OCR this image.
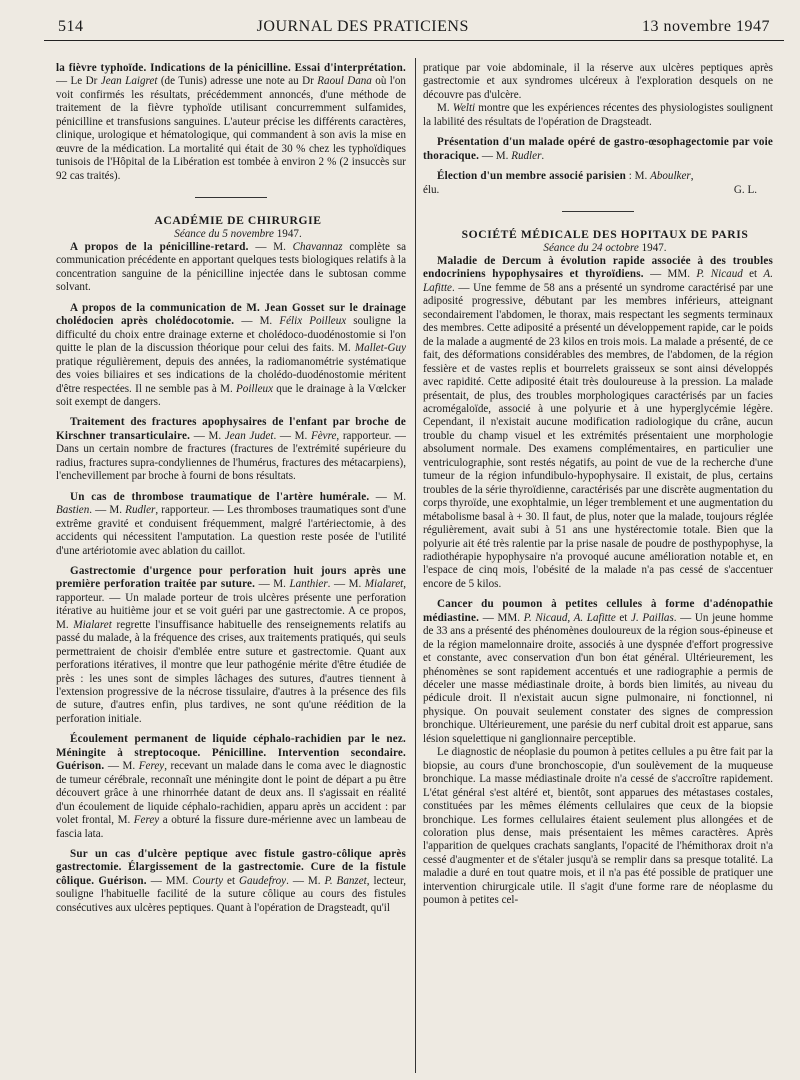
514	JOURNAL DES PRATICIENS	13 novembre 1947

la fièvre typhoïde. Indications de la pénicilline. Essai d'interprétation. — Le Dr Jean Laigret (de Tunis) adresse une note au Dr Raoul Dana où l'on voit confirmés les résultats, précédemment annoncés, d'une méthode de traitement de la fièvre typhoïde utilisant concurremment sulfamides, pénicilline et transfusions sanguines. L'auteur précise les différents caractères, clinique, urologique et hématologique, qui commandent à son avis la mise en œuvre de la médication. La mortalité qui était de 30 % chez les typhoïdiques tunisois de l'Hôpital de la Libération est tombée à environ 2 % (2 insuccès sur 92 cas traités).

ACADÉMIE DE CHIRURGIE

Séance du 5 novembre 1947.

A propos de la pénicilline-retard. — M. Chavannaz complète sa communication précédente en apportant quelques tests biologiques relatifs à la concentration sanguine de la pénicilline injectée dans le subtosan comme solvant.

A propos de la communication de M. Jean Gosset sur le drainage cholédocien après cholédocotomie. — M. Félix Poilleux souligne la difficulté du choix entre drainage externe et cholédoco-duodénostomie si l'on quitte le plan de la discussion théorique pour celui des faits. M. Mallet-Guy pratique régulièrement, depuis des années, la radiomanométrie systématique des voies biliaires et ses indications de la cholédo-duodénostomie méritent d'être respectées. Il ne semble pas à M. Poilleux que le drainage à la Vœlcker soit exempt de dangers.

Traitement des fractures apophysaires de l'enfant par broche de Kirschner transarticulaire. — M. Jean Judet. — M. Fèvre, rapporteur. — Dans un certain nombre de fractures (fractures de l'extrémité supérieure du radius, fractures supra-condyliennes de l'humérus, fractures des métacarpiens), l'enchevillement par broche à fourni de bons résultats.

Un cas de thrombose traumatique de l'artère humérale. — M. Bastien. — M. Rudler, rapporteur. — Les thromboses traumatiques sont d'une extrême gravité et conduisent fréquemment, malgré l'artériectomie, à des accidents qui nécessitent l'amputation. La question reste posée de l'utilité d'une artériotomie avec ablation du caillot.

Gastrectomie d'urgence pour perforation huit jours après une première perforation traitée par suture. — M. Lanthier. — M. Mialaret, rapporteur. — Un malade porteur de trois ulcères présente une perforation itérative au huitième jour et se voit guéri par une gastrectomie. A ce propos, M. Mialaret regrette l'insuffisance habituelle des renseignements relatifs au passé du malade, à la fréquence des crises, aux traitements pratiqués, qui seuls permettraient de choisir d'emblée entre suture et gastrectomie. Quant aux perforations itératives, il montre que leur pathogénie mérite d'être étudiée de près : les unes sont de simples lâchages des sutures, d'autres tiennent à l'extension progressive de la nécrose tissulaire, d'autres à la présence des fils de suture, d'autres enfin, plus tardives, ne sont qu'une réédition de la perforation initiale.

Écoulement permanent de liquide céphalo-rachidien par le nez. Méningite à streptocoque. Pénicilline. Intervention secondaire. Guérison. — M. Ferey, recevant un malade dans le coma avec le diagnostic de tumeur cérébrale, reconnaît une méningite dont le point de départ a pu être découvert grâce à une rhinorrhée datant de deux ans. Il s'agissait en réalité d'un écoulement de liquide céphalo-rachidien, apparu après un accident : par volet frontal, M. Ferey a obturé la fissure dure-mérienne avec un lambeau de fascia lata.

Sur un cas d'ulcère peptique avec fistule gastro-côlique après gastrectomie. Élargissement de la gastrectomie. Cure de la fistule côlique. Guérison. — MM. Courty et Gaudefroy. — M. P. Banzet, lecteur, souligne l'habituelle facilité de la suture côlique au cours des fistules consécutives aux ulcères peptiques. Quant à l'opération de Dragsteadt, qu'il

pratique par voie abdominale, il la réserve aux ulcères peptiques après gastrectomie et aux syndromes ulcéreux à l'exploration desquels on ne découvre pas d'ulcère.

M. Welti montre que les expériences récentes des physiologistes soulignent la labilité des résultats de l'opération de Dragsteadt.

Présentation d'un malade opéré de gastro-œsophagectomie par voie thoracique. — M. Rudler.

Élection d'un membre associé parisien : M. Aboulker,

élu.	G. L.

SOCIÉTÉ MÉDICALE DES HOPITAUX DE PARIS

Séance du 24 octobre 1947.

Maladie de Dercum à évolution rapide associée à des troubles endocriniens hypophysaires et thyroïdiens. — MM. P. Nicaud et A. Lafitte. — Une femme de 58 ans a présenté un syndrome caractérisé par une adiposité progressive, débutant par les membres inférieurs, atteignant secondairement l'abdomen, le thorax, mais respectant les segments terminaux des membres. Cette adiposité a présenté un développement rapide, car le poids de la malade a augmenté de 23 kilos en trois mois. La malade a présenté, de ce fait, des déformations considérables des membres, de l'abdomen, de la région fessière et de vastes replis et bourrelets graisseux se sont ainsi développés avec rapidité. Cette adiposité était très douloureuse à la pression. La malade présentait, de plus, des troubles morphologiques caractérisés par un facies acromégaloïde, associé à une polyurie et à une hyperglycémie légère. Cependant, il n'existait aucune modification radiologique du crâne, aucun trouble du champ visuel et les extrémités présentaient une morphologie absolument normale. Des examens complémentaires, en particulier une ventriculographie, sont restés négatifs, au point de vue de la recherche d'une tumeur de la région infundibulo-hypophysaire. Il existait, de plus, certains troubles de la série thyroïdienne, caractérisés par une discrète augmentation du corps thyroïde, une exophtalmie, un léger tremblement et une augmentation du métabolisme basal à + 30. Il faut, de plus, noter que la malade, toujours réglée régulièrement, avait subi à 51 ans une hystérectomie totale. Bien que la polyurie ait été très ralentie par la prise nasale de poudre de posthypophyse, la radiothérapie hypophysaire n'a provoqué aucune amélioration notable et, en l'espace de cinq mois, l'obésité de la malade n'a pas cessé de s'accentuer encore de 5 kilos.

Cancer du poumon à petites cellules à forme d'adénopathie médiastine. — MM. P. Nicaud, A. Lafitte et J. Paillas. — Un jeune homme de 33 ans a présenté des phénomènes douloureux de la région sous-épineuse et de la région mamelonnaire droite, associés à une dyspnée d'effort progressive et constante, avec conservation d'un bon état général. Ultérieurement, les phénomènes se sont rapidement accentués et une radiographie a permis de déceler une masse médiastinale droite, à bords bien limités, au niveau du pédicule droit. Il n'existait aucun signe pulmonaire, ni fonctionnel, ni physique. On pouvait seulement constater des signes de compression bronchique. Ultérieurement, une parésie du nerf cubital droit est apparue, sans lésion squelettique ni ganglionnaire perceptible.

Le diagnostic de néoplasie du poumon à petites cellules a pu être fait par la biopsie, au cours d'une bronchoscopie, d'un soulèvement de la muqueuse bronchique. La masse médiastinale droite n'a cessé de s'accroître rapidement. L'état général s'est altéré et, bientôt, sont apparues des métastases costales, constituées par les mêmes éléments cellulaires que ceux de la biopsie bronchique. Les formes cellulaires étaient seulement plus allongées et de coloration plus dense, mais présentaient les mêmes caractères. Après l'apparition de quelques crachats sanglants, l'opacité de l'hémithorax droit n'a cessé d'augmenter et de s'étaler jusqu'à se remplir dans sa presque totalité. La maladie a duré en tout quatre mois, et il n'a pas été possible de pratiquer une intervention chirurgicale utile. Il s'agit d'une forme rare de néoplasme du poumon à petites cel-
